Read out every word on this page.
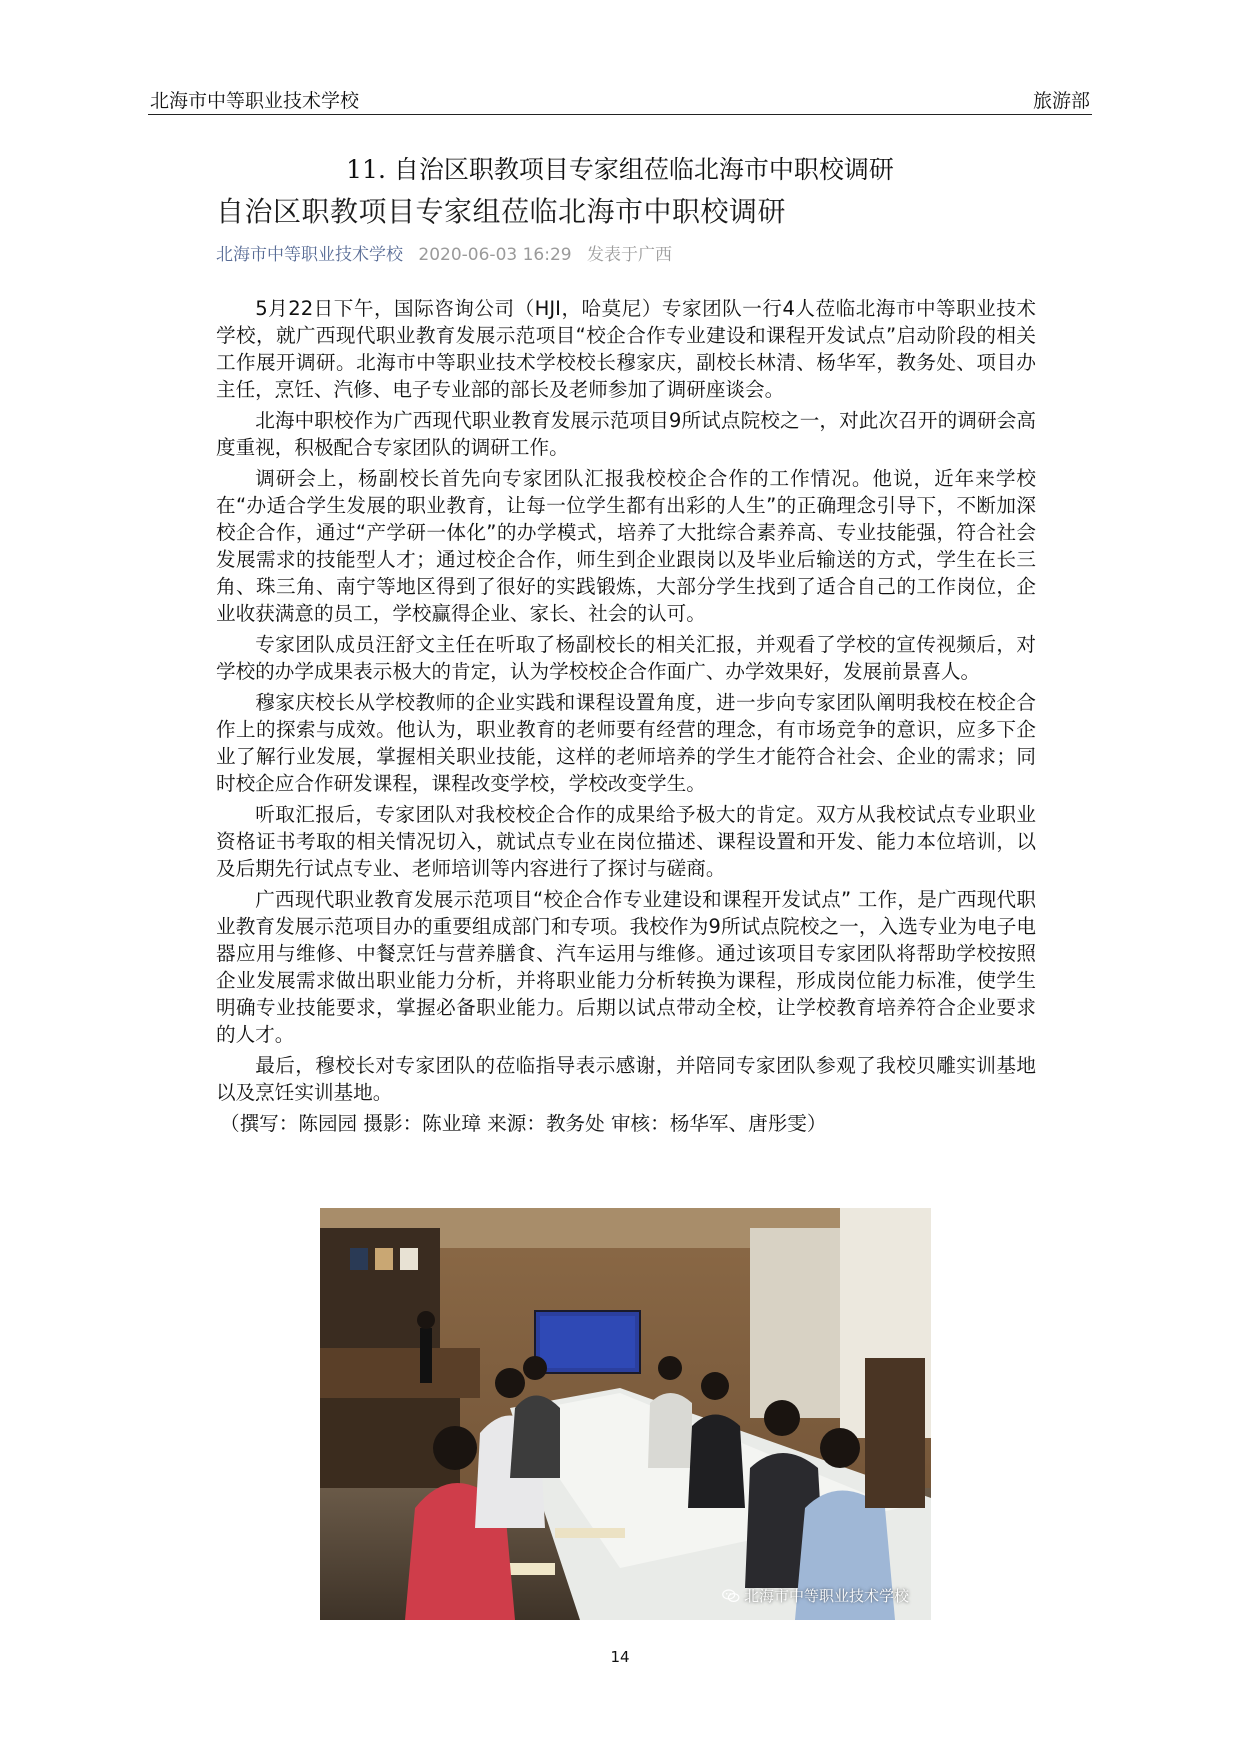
北海市中等职业技术学校	旅游部
11. 自治区职教项目专家组莅临北海市中职校调研
自治区职教项目专家组莅临北海市中职校调研
北海市中等职业技术学校 2020-06-03 16:29 发表于广西

5月22日下午，国际咨询公司（HJI，哈莫尼）专家团队一行4人莅临北海市中等职业技术学校，就广西现代职业教育发展示范项目“校企合作专业建设和课程开发试点”启动阶段的相关工作展开调研。北海市中等职业技术学校校长穆家庆，副校长林清、杨华军，教务处、项目办主任，烹饪、汽修、电子专业部的部长及老师参加了调研座谈会。

北海中职校作为广西现代职业教育发展示范项目9所试点院校之一，对此次召开的调研会高度重视，积极配合专家团队的调研工作。

调研会上，杨副校长首先向专家团队汇报我校校企合作的工作情况。他说，近年来学校在“办适合学生发展的职业教育，让每一位学生都有出彩的人生”的正确理念引导下，不断加深校企合作，通过“产学研一体化”的办学模式，培养了大批综合素养高、专业技能强，符合社会发展需求的技能型人才；通过校企合作，师生到企业跟岗以及毕业后输送的方式，学生在长三角、珠三角、南宁等地区得到了很好的实践锻炼，大部分学生找到了适合自己的工作岗位，企业收获满意的员工，学校赢得企业、家长、社会的认可。

专家团队成员汪舒文主任在听取了杨副校长的相关汇报，并观看了学校的宣传视频后，对学校的办学成果表示极大的肯定，认为学校校企合作面广、办学效果好，发展前景喜人。

穆家庆校长从学校教师的企业实践和课程设置角度，进一步向专家团队阐明我校在校企合作上的探索与成效。他认为，职业教育的老师要有经营的理念，有市场竞争的意识，应多下企业了解行业发展，掌握相关职业技能，这样的老师培养的学生才能符合社会、企业的需求；同时校企应合作研发课程，课程改变学校，学校改变学生。

听取汇报后，专家团队对我校校企合作的成果给予极大的肯定。双方从我校试点专业职业资格证书考取的相关情况切入，就试点专业在岗位描述、课程设置和开发、能力本位培训，以及后期先行试点专业、老师培训等内容进行了探讨与磋商。

广西现代职业教育发展示范项目“校企合作专业建设和课程开发试点” 工作，是广西现代职业教育发展示范项目办的重要组成部门和专项。我校作为9所试点院校之一，入选专业为电子电器应用与维修、中餐烹饪与营养膳食、汽车运用与维修。通过该项目专家团队将帮助学校按照企业发展需求做出职业能力分析，并将职业能力分析转换为课程，形成岗位能力标准，使学生明确专业技能要求，掌握必备职业能力。后期以试点带动全校，让学校教育培养符合企业要求的人才。

最后，穆校长对专家团队的莅临指导表示感谢，并陪同专家团队参观了我校贝雕实训基地以及烹饪实训基地。

（撰写：陈园园 摄影：陈业璋 来源：教务处 审核：杨华军、唐彤雯）
北海市中等职业技术学校
14
